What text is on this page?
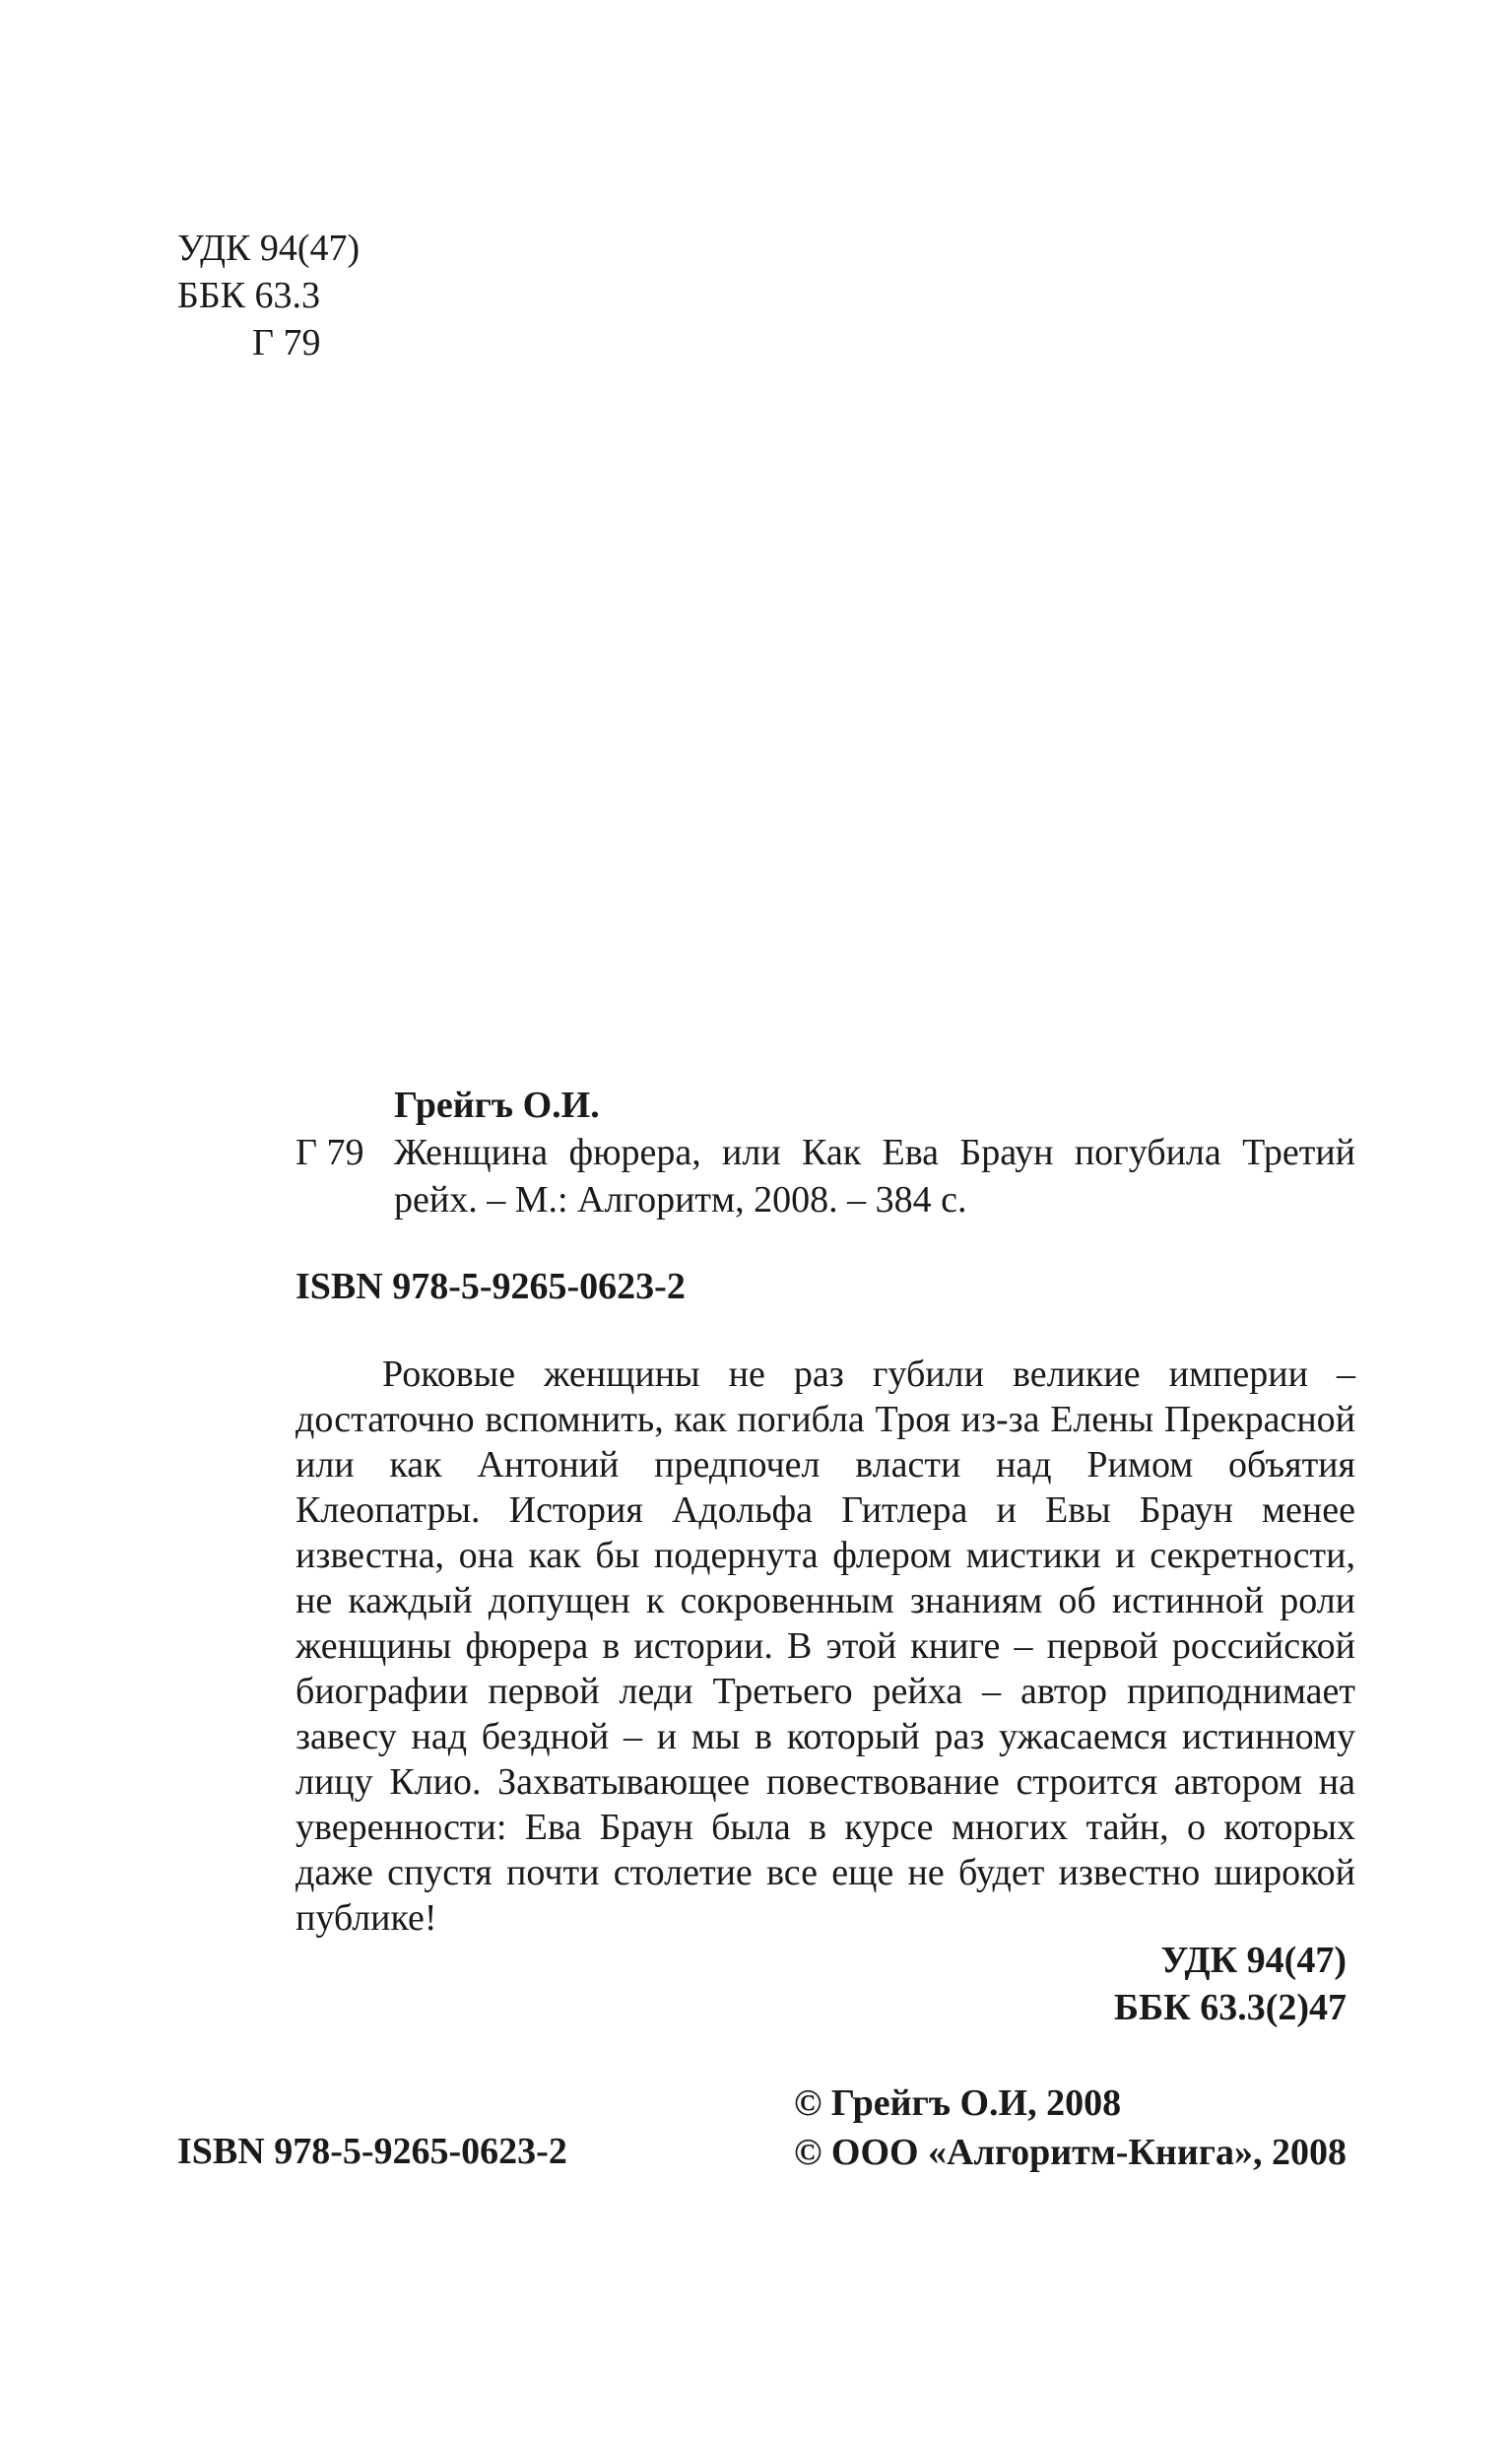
УДК 94(47)
ББК 63.3
Г 79
Грейгъ О.И.
Г 79 Женщина фюрера, или Как Ева Браун погубила Третий рейх. – М.: Алгоритм, 2008. – 384 с.
ISBN 978-5-9265-0623-2

Роковые женщины не раз губили великие империи – достаточно вспомнить, как погибла Троя из-за Елены Прекрасной или как Антоний предпочел власти над Римом объятия Клеопатры. История Адольфа Гитлера и Евы Браун менее известна, она как бы подернута флером мистики и секретности, не каждый допущен к сокровенным знаниям об истинной роли женщины фюрера в истории. В этой книге – первой российской биографии первой леди Третьего рейха – автор приподнимает завесу над бездной – и мы в который раз ужасаемся истинному лицу Клио. Захватывающее повествование строится автором на уверенности: Ева Браун была в курсе многих тайн, о которых даже спустя почти столетие все еще не будет известно широкой публике!

УДК 94(47)
ББК 63.3(2)47
ISBN 978-5-9265-0623-2
© Грейгъ О.И, 2008
© ООО «Алгоритм-Книга», 2008
